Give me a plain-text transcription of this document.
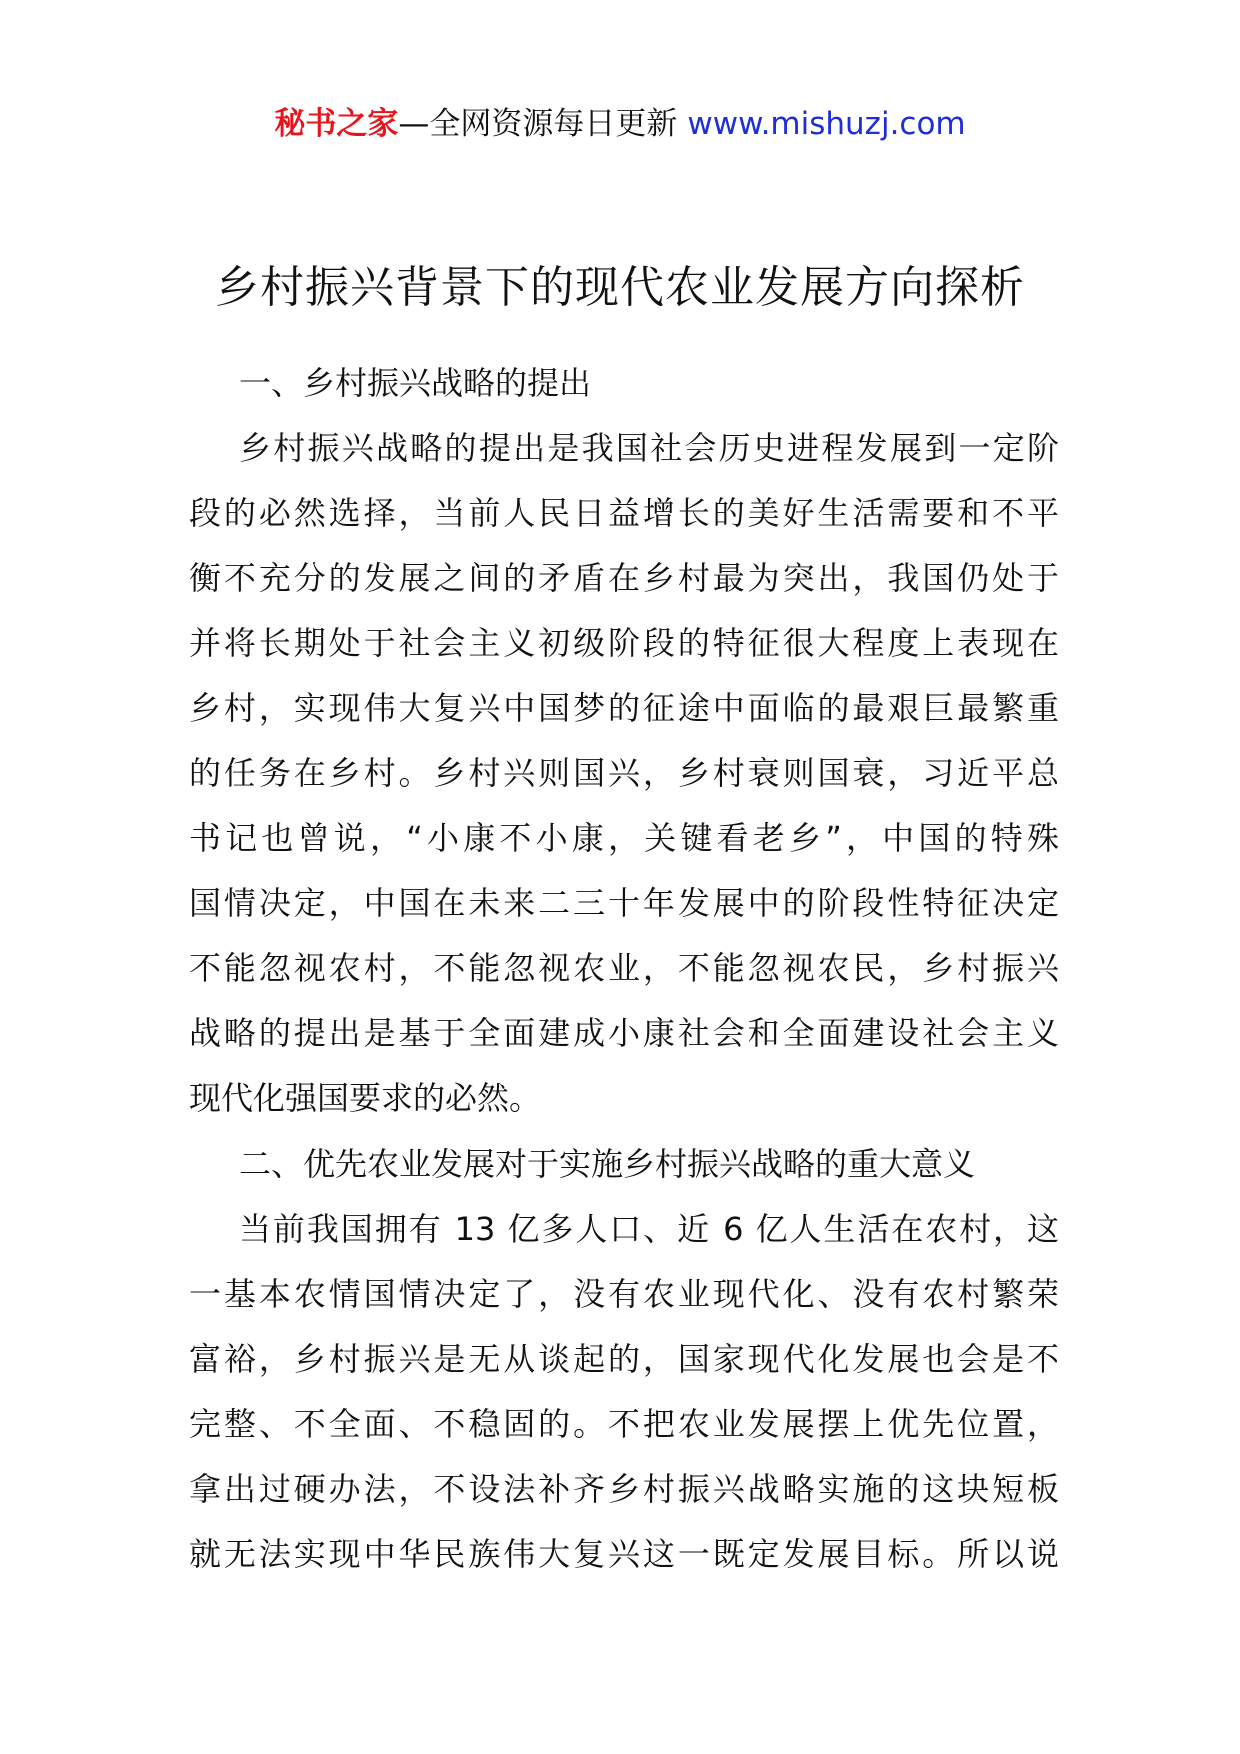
秘书之家—全网资源每日更新 www.mishuzj.com
乡村振兴背景下的现代农业发展方向探析
一、乡村振兴战略的提出
乡村振兴战略的提出是我国社会历史进程发展到一定阶
段的必然选择，当前人民日益增长的美好生活需要和不平
衡不充分的发展之间的矛盾在乡村最为突出，我国仍处于
并将长期处于社会主义初级阶段的特征很大程度上表现在
乡村，实现伟大复兴中国梦的征途中面临的最艰巨最繁重
的任务在乡村。乡村兴则国兴，乡村衰则国衰，习近平总
书记也曾说，“小康不小康，关键看老乡”，中国的特殊
国情决定，中国在未来二三十年发展中的阶段性特征决定
不能忽视农村，不能忽视农业，不能忽视农民，乡村振兴
战略的提出是基于全面建成小康社会和全面建设社会主义
现代化强国要求的必然。
二、优先农业发展对于实施乡村振兴战略的重大意义
当前我国拥有 13 亿多人口、近 6 亿人生活在农村，这
一基本农情国情决定了，没有农业现代化、没有农村繁荣
富裕，乡村振兴是无从谈起的，国家现代化发展也会是不
完整、不全面、不稳固的。不把农业发展摆上优先位置，
拿出过硬办法，不设法补齐乡村振兴战略实施的这块短板
就无法实现中华民族伟大复兴这一既定发展目标。所以说
